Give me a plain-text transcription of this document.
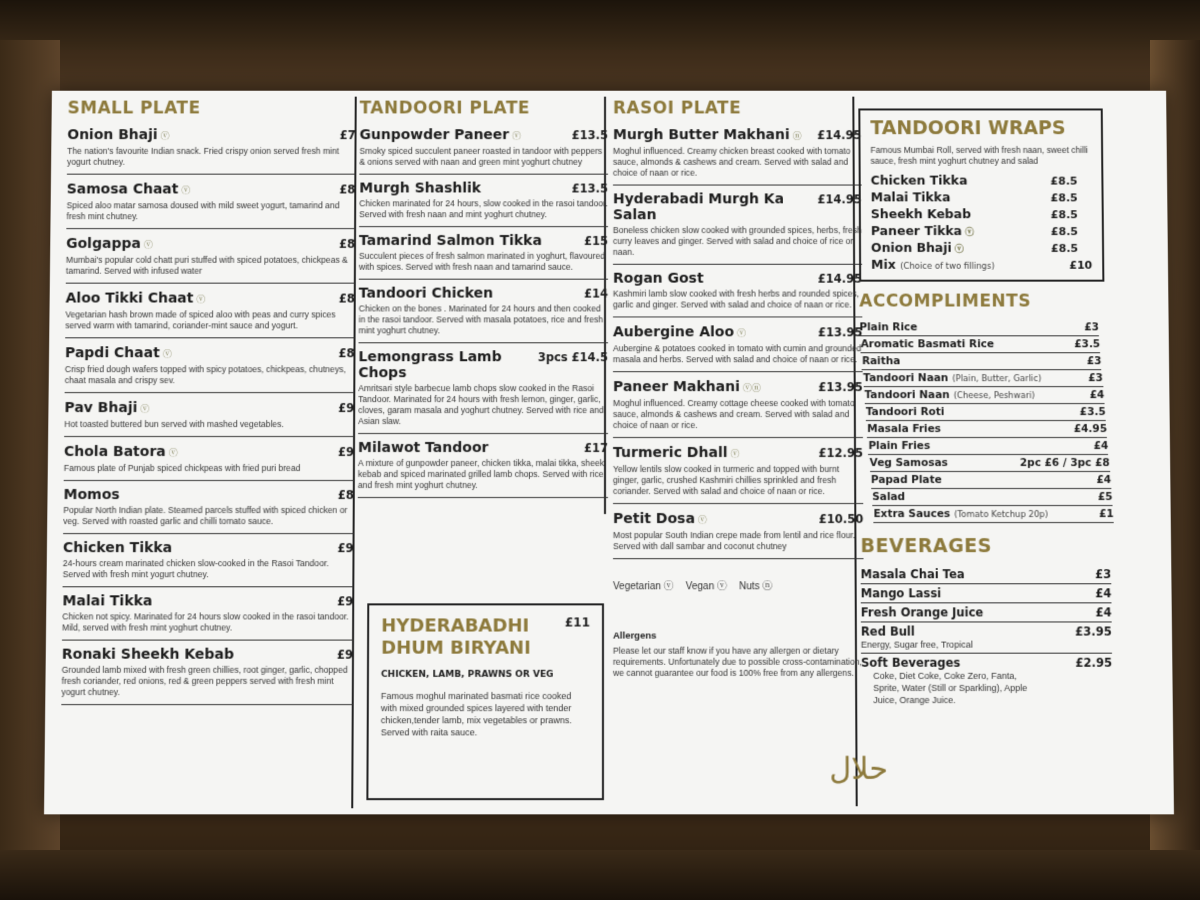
SMALL PLATE
Onion Bhaji ⓥ	£7
The nation's favourite Indian snack. Fried crispy onion served fresh mint yogurt chutney.
Samosa Chaat ⓥ	£8
Spiced aloo matar samosa doused with mild sweet yogurt, tamarind and fresh mint chutney.
Golgappa ⓥ	£8
Mumbai's popular cold chatt puri stuffed with spiced potatoes, chickpeas & tamarind. Served with infused water
Aloo Tikki Chaat ⓥ	£8
Vegetarian hash brown made of spiced aloo with peas and curry spices served warm with tamarind, coriander-mint sauce and yogurt.
Papdi Chaat ⓥ	£8
Crisp fried dough wafers topped with spicy potatoes, chickpeas, chutneys, chaat masala and crispy sev.
Pav Bhaji ⓥ	£9
Hot toasted buttered bun served with mashed vegetables.
Chola Batora ⓥ	£9
Famous plate of Punjab spiced chickpeas with fried puri bread
Momos	£8
Popular North Indian plate. Steamed parcels stuffed with spiced chicken or veg. Served with roasted garlic and chilli tomato sauce.
Chicken Tikka	£9
24-hours cream marinated chicken slow-cooked in the Rasoi Tandoor. Served with fresh mint yogurt chutney.
Malai Tikka	£9
Chicken not spicy. Marinated for 24 hours slow cooked in the rasoi tandoor. Mild, served with fresh mint yoghurt chutney.
Ronaki Sheekh Kebab	£9
Grounded lamb mixed with fresh green chillies, root ginger, garlic, chopped fresh coriander, red onions, red & green peppers served with fresh mint yogurt chutney.
TANDOORI PLATE
Gunpowder Paneer ⓥ	£13.5
Smoky spiced succulent paneer roasted in tandoor with peppers & onions served with naan and green mint yoghurt chutney
Murgh Shashlik	£13.5
Chicken marinated for 24 hours, slow cooked in the rasoi tandoor. Served with fresh naan and mint yoghurt chutney.
Tamarind Salmon Tikka	£15
Succulent pieces of fresh salmon marinated in yoghurt, flavoured with spices. Served with fresh naan and tamarind sauce.
Tandoori Chicken	£14
Chicken on the bones . Marinated for 24 hours and then cooked in the rasoi tandoor. Served with masala potatoes, rice and fresh mint yoghurt chutney.
Lemongrass Lamb Chops
3pcs £14.5
Amritsari style barbecue lamb chops slow cooked in the Rasoi Tandoor. Marinated for 24 hours with fresh lemon, ginger, garlic, cloves, garam masala and yoghurt chutney. Served with rice and Asian slaw.
Milawot Tandoor	£17
A mixture of gunpowder paneer, chicken tikka, malai tikka, sheek kebab and spiced marinated grilled lamb chops. Served with rice and fresh mint yoghurt chutney.
HYDERABADHI DHUM BIRYANI
£11
CHICKEN, LAMB, PRAWNS OR VEG
Famous moghul marinated basmati rice cooked with mixed grounded spices layered with tender chicken,tender lamb, mix vegetables or prawns. Served with raita sauce.
RASOI PLATE
Murgh Butter Makhani ⓝ £14.95
Moghul influenced. Creamy chicken breast cooked with tomato sauce, almonds & cashews and cream. Served with salad and choice of naan or rice.
Hyderabadi Murgh Ka Salan
£14.95
Boneless chicken slow cooked with grounded spices, herbs, fresh curry leaves and ginger. Served with salad and choice of rice or naan.
Rogan Gost	£14.95
Kashmiri lamb slow cooked with fresh herbs and rounded spices, garlic and ginger. Served with salad and choice of naan or rice.
Aubergine Aloo ⓥ	£13.95
Aubergine & potatoes cooked in tomato with cumin and grounded masala and herbs. Served with salad and choice of naan or rice.
Paneer Makhani ⓥⓝ	£13.95
Moghul influenced. Creamy cottage cheese cooked with tomato sauce, almonds & cashews and cream. Served with salad and choice of naan or rice.
Turmeric Dhall ⓥ	£12.95
Yellow lentils slow cooked in turmeric and topped with burnt ginger, garlic, crushed Kashmiri chillies sprinkled and fresh coriander. Served with salad and choice of naan or rice.
Petit Dosa ⓥ	£10.50
Most popular South Indian crepe made from lentil and rice flour. Served with dall sambar and coconut chutney
Vegetarian ⓥ Vegan ⓥ Nuts ⓝ
Allergens
Please let our staff know if you have any allergen or dietary requirements. Unfortunately due to possible cross-contamination, we cannot guarantee our food is 100% free from any allergens.
حلال
TANDOORI WRAPS
Famous Mumbai Roll, served with fresh naan, sweet chilli sauce, fresh mint yoghurt chutney and salad
Chicken Tikka	£8.5
Malai Tikka	£8.5
Sheekh Kebab	£8.5
Paneer Tikka ⓥ	£8.5
Onion Bhaji ⓥ	£8.5
Mix (Choice of two fillings)	£10
ACCOMPLIMENTS
Plain Rice	£3
Aromatic Basmati Rice	£3.5
Raitha	£3
Tandoori Naan (Plain, Butter, Garlic)	£3
Tandoori Naan (Cheese, Peshwari)	£4
Tandoori Roti	£3.5
Masala Fries	£4.95
Plain Fries	£4
Veg Samosas	2pc £6 / 3pc £8
Papad Plate	£4
Salad	£5
Extra Sauces (Tomato Ketchup 20p)	£1
BEVERAGES
Masala Chai Tea	£3
Mango Lassi	£4
Fresh Orange Juice	£4
Red Bull	£3.95
Energy, Sugar free, Tropical
Soft Beverages	£2.95
Coke, Diet Coke, Coke Zero, Fanta, Sprite, Water (Still or Sparkling), Apple Juice, Orange Juice.
